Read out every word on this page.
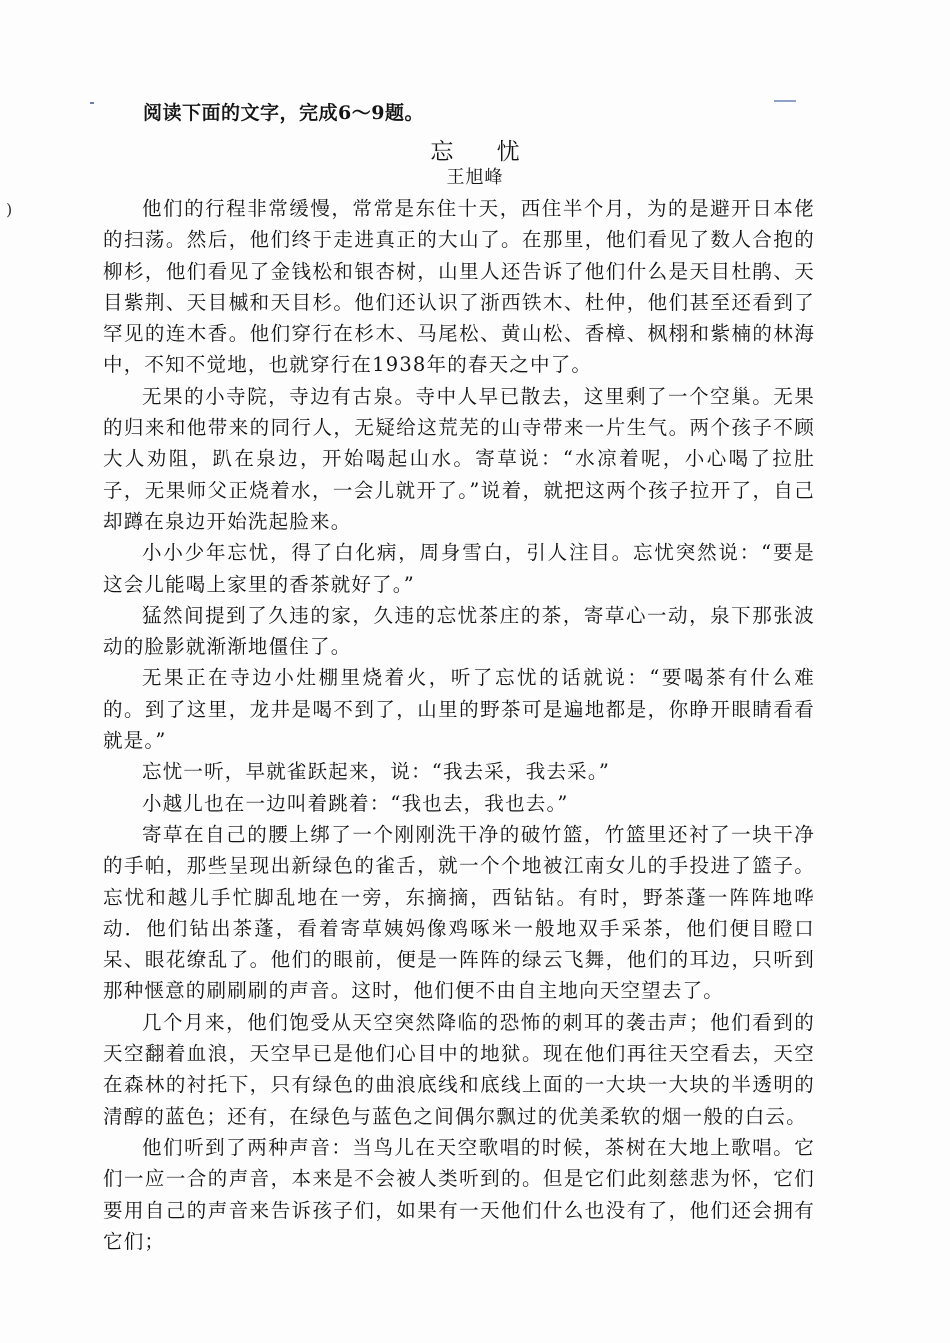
)
阅读下面的文字，完成6～9题。
忘 忧
王旭峰

他们的行程非常缓慢，常常是东住十天，西住半个月，为的是避开日本佬的扫荡。然后，他们终于走进真正的大山了。在那里，他们看见了数人合抱的柳杉，他们看见了金钱松和银杏树，山里人还告诉了他们什么是天目杜鹃、天目紫荆、天目槭和天目杉。他们还认识了浙西铁木、杜仲，他们甚至还看到了罕见的连木香。他们穿行在杉木、马尾松、黄山松、香樟、枫栩和紫楠的林海中，不知不觉地，也就穿行在1938年的春天之中了。

无果的小寺院，寺边有古泉。寺中人早已散去，这里剩了一个空巢。无果的归来和他带来的同行人，无疑给这荒芜的山寺带来一片生气。两个孩子不顾大人劝阻，趴在泉边，开始喝起山水。寄草说：“水凉着呢，小心喝了拉肚子，无果师父正烧着水，一会儿就开了。”说着，就把这两个孩子拉开了，自己却蹲在泉边开始洗起脸来。

小小少年忘忧，得了白化病，周身雪白，引人注目。忘忧突然说：“要是这会儿能喝上家里的香茶就好了。”

猛然间提到了久违的家，久违的忘忧茶庄的茶，寄草心一动，泉下那张波动的脸影就渐渐地僵住了。

无果正在寺边小灶棚里烧着火，听了忘忧的话就说：“要喝茶有什么难的。到了这里，龙井是喝不到了，山里的野茶可是遍地都是，你睁开眼睛看看就是。”

忘忧一听，早就雀跃起来，说：“我去采，我去采。”

小越儿也在一边叫着跳着：“我也去，我也去。”

寄草在自己的腰上绑了一个刚刚洗干净的破竹篮，竹篮里还衬了一块干净的手帕，那些呈现出新绿色的雀舌，就一个个地被江南女儿的手投进了篮子。忘忧和越儿手忙脚乱地在一旁，东摘摘，西钻钻。有时，野茶蓬一阵阵地哗动．他们钻出茶蓬，看着寄草姨妈像鸡啄米一般地双手采茶，他们便目瞪口呆、眼花缭乱了。他们的眼前，便是一阵阵的绿云飞舞，他们的耳边，只听到那种惬意的刷刷刷的声音。这时，他们便不由自主地向天空望去了。

几个月来，他们饱受从天空突然降临的恐怖的刺耳的袭击声；他们看到的天空翻着血浪，天空早已是他们心目中的地狱。现在他们再往天空看去，天空在森林的衬托下，只有绿色的曲浪底线和底线上面的一大块一大块的半透明的清醇的蓝色；还有，在绿色与蓝色之间偶尔飘过的优美柔软的烟一般的白云。

他们听到了两种声音：当鸟儿在天空歌唱的时候，茶树在大地上歌唱。它们一应一合的声音，本来是不会被人类听到的。但是它们此刻慈悲为怀，它们要用自己的声音来告诉孩子们，如果有一天他们什么也没有了，他们还会拥有它们；
